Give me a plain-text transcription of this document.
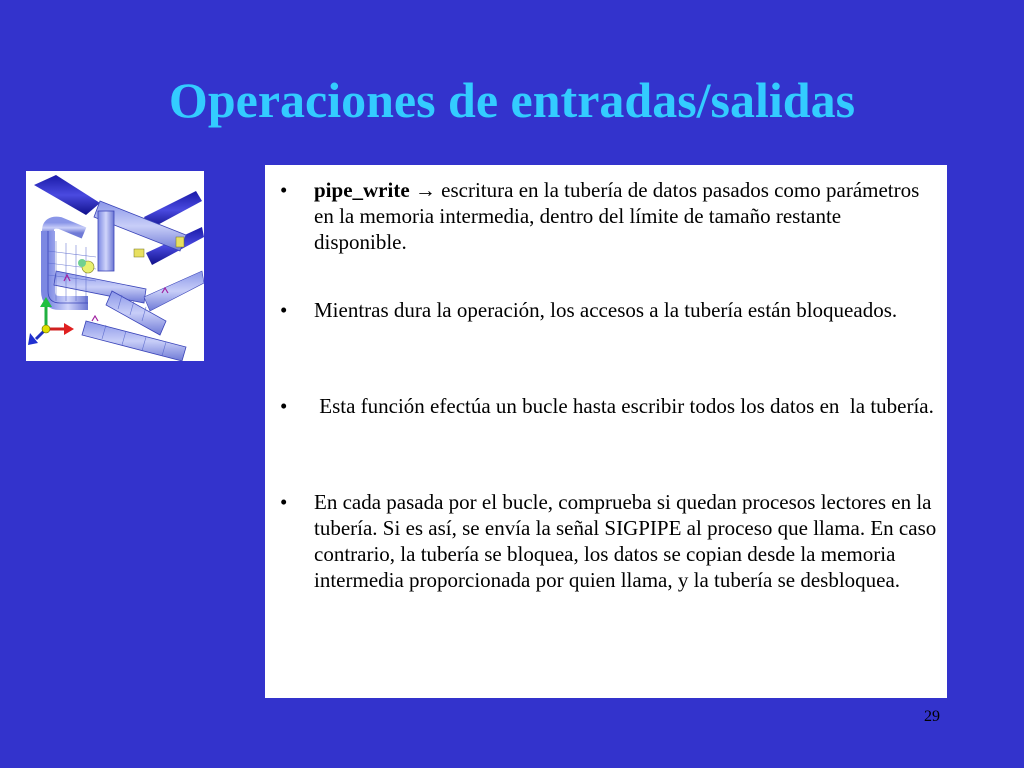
Operaciones de entradas/salidas
• pipe_write → escritura en la tubería de datos pasados como parámetros en la memoria intermedia, dentro del límite de tamaño restante disponible.
• Mientras dura la operación, los accesos a la tubería están bloqueados.
• Esta función efectúa un bucle hasta escribir todos los datos en  la tubería.
• En cada pasada por el bucle, comprueba si quedan procesos lectores en la tubería. Si es así, se envía la señal SIGPIPE al proceso que llama. En caso contrario, la tubería se bloquea, los datos se copian desde la memoria intermedia proporcionada por quien llama, y la tubería se desbloquea.
29
